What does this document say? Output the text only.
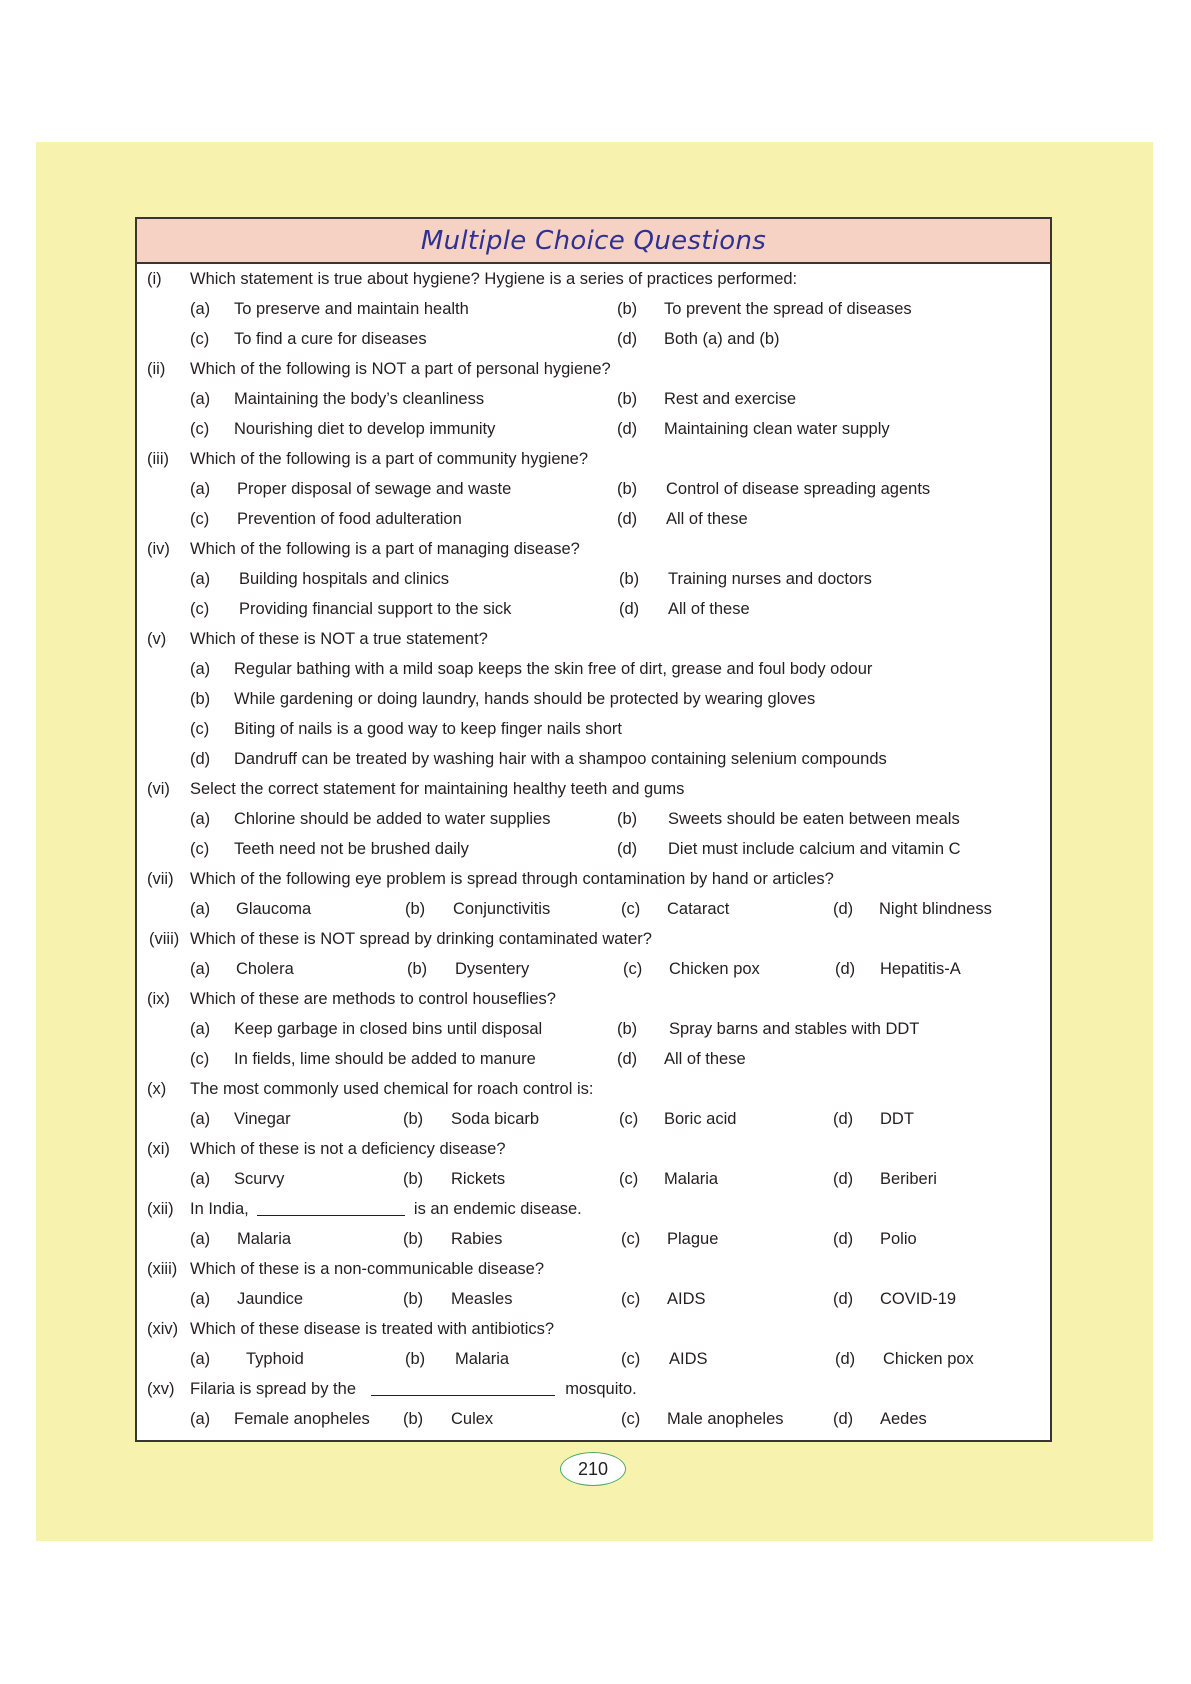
Multiple Choice Questions
(i) Which statement is true about hygiene? Hygiene is a series of practices performed:
(a) To preserve and maintain health	(b) To prevent the spread of diseases
(c) To find a cure for diseases	(d) Both (a) and (b)
(ii) Which of the following is NOT a part of personal hygiene?
(a) Maintaining the body’s cleanliness	(b) Rest and exercise
(c) Nourishing diet to develop immunity	(d) Maintaining clean water supply
(iii) Which of the following is a part of community hygiene?
(a) Proper disposal of sewage and waste	(b) Control of disease spreading agents
(c) Prevention of food adulteration	(d) All of these
(iv) Which of the following is a part of managing disease?
(a) Building hospitals and clinics	(b) Training nurses and doctors
(c) Providing financial support to the sick	(d) All of these
(v) Which of these is NOT a true statement?
(a) Regular bathing with a mild soap keeps the skin free of dirt, grease and foul body odour
(b) While gardening or doing laundry, hands should be protected by wearing gloves
(c) Biting of nails is a good way to keep finger nails short
(d) Dandruff can be treated by washing hair with a shampoo containing selenium compounds
(vi) Select the correct statement for maintaining healthy teeth and gums
(a) Chlorine should be added to water supplies	(b) Sweets should be eaten between meals
(c) Teeth need not be brushed daily	(d) Diet must include calcium and vitamin C
(vii) Which of the following eye problem is spread through contamination by hand or articles?
(a) Glaucoma	(b) Conjunctivitis	(c) Cataract	(d) Night blindness
(viii) Which of these is NOT spread by drinking contaminated water?
(a) Cholera	(b) Dysentery	(c) Chicken pox	(d) Hepatitis-A
(ix) Which of these are methods to control houseflies?
(a) Keep garbage in closed bins until disposal	(b) Spray barns and stables with DDT
(c) In fields, lime should be added to manure	(d) All of these
(x) The most commonly used chemical for roach control is:
(a) Vinegar	(b) Soda bicarb	(c) Boric acid	(d) DDT
(xi) Which of these is not a deficiency disease?
(a) Scurvy	(b) Rickets	(c) Malaria	(d) Beriberi
(xii) In India,	is an endemic disease.
(a) Malaria	(b) Rabies	(c) Plague	(d) Polio
(xiii) Which of these is a non-communicable disease?
(a) Jaundice	(b) Measles	(c) AIDS	(d) COVID-19
(xiv) Which of these disease is treated with antibiotics?
(a) Typhoid	(b) Malaria	(c) AIDS	(d) Chicken pox
(xv) Filaria is spread by the	mosquito.
(a) Female anopheles (b) Culex	(c) Male anopheles	(d) Aedes
210
